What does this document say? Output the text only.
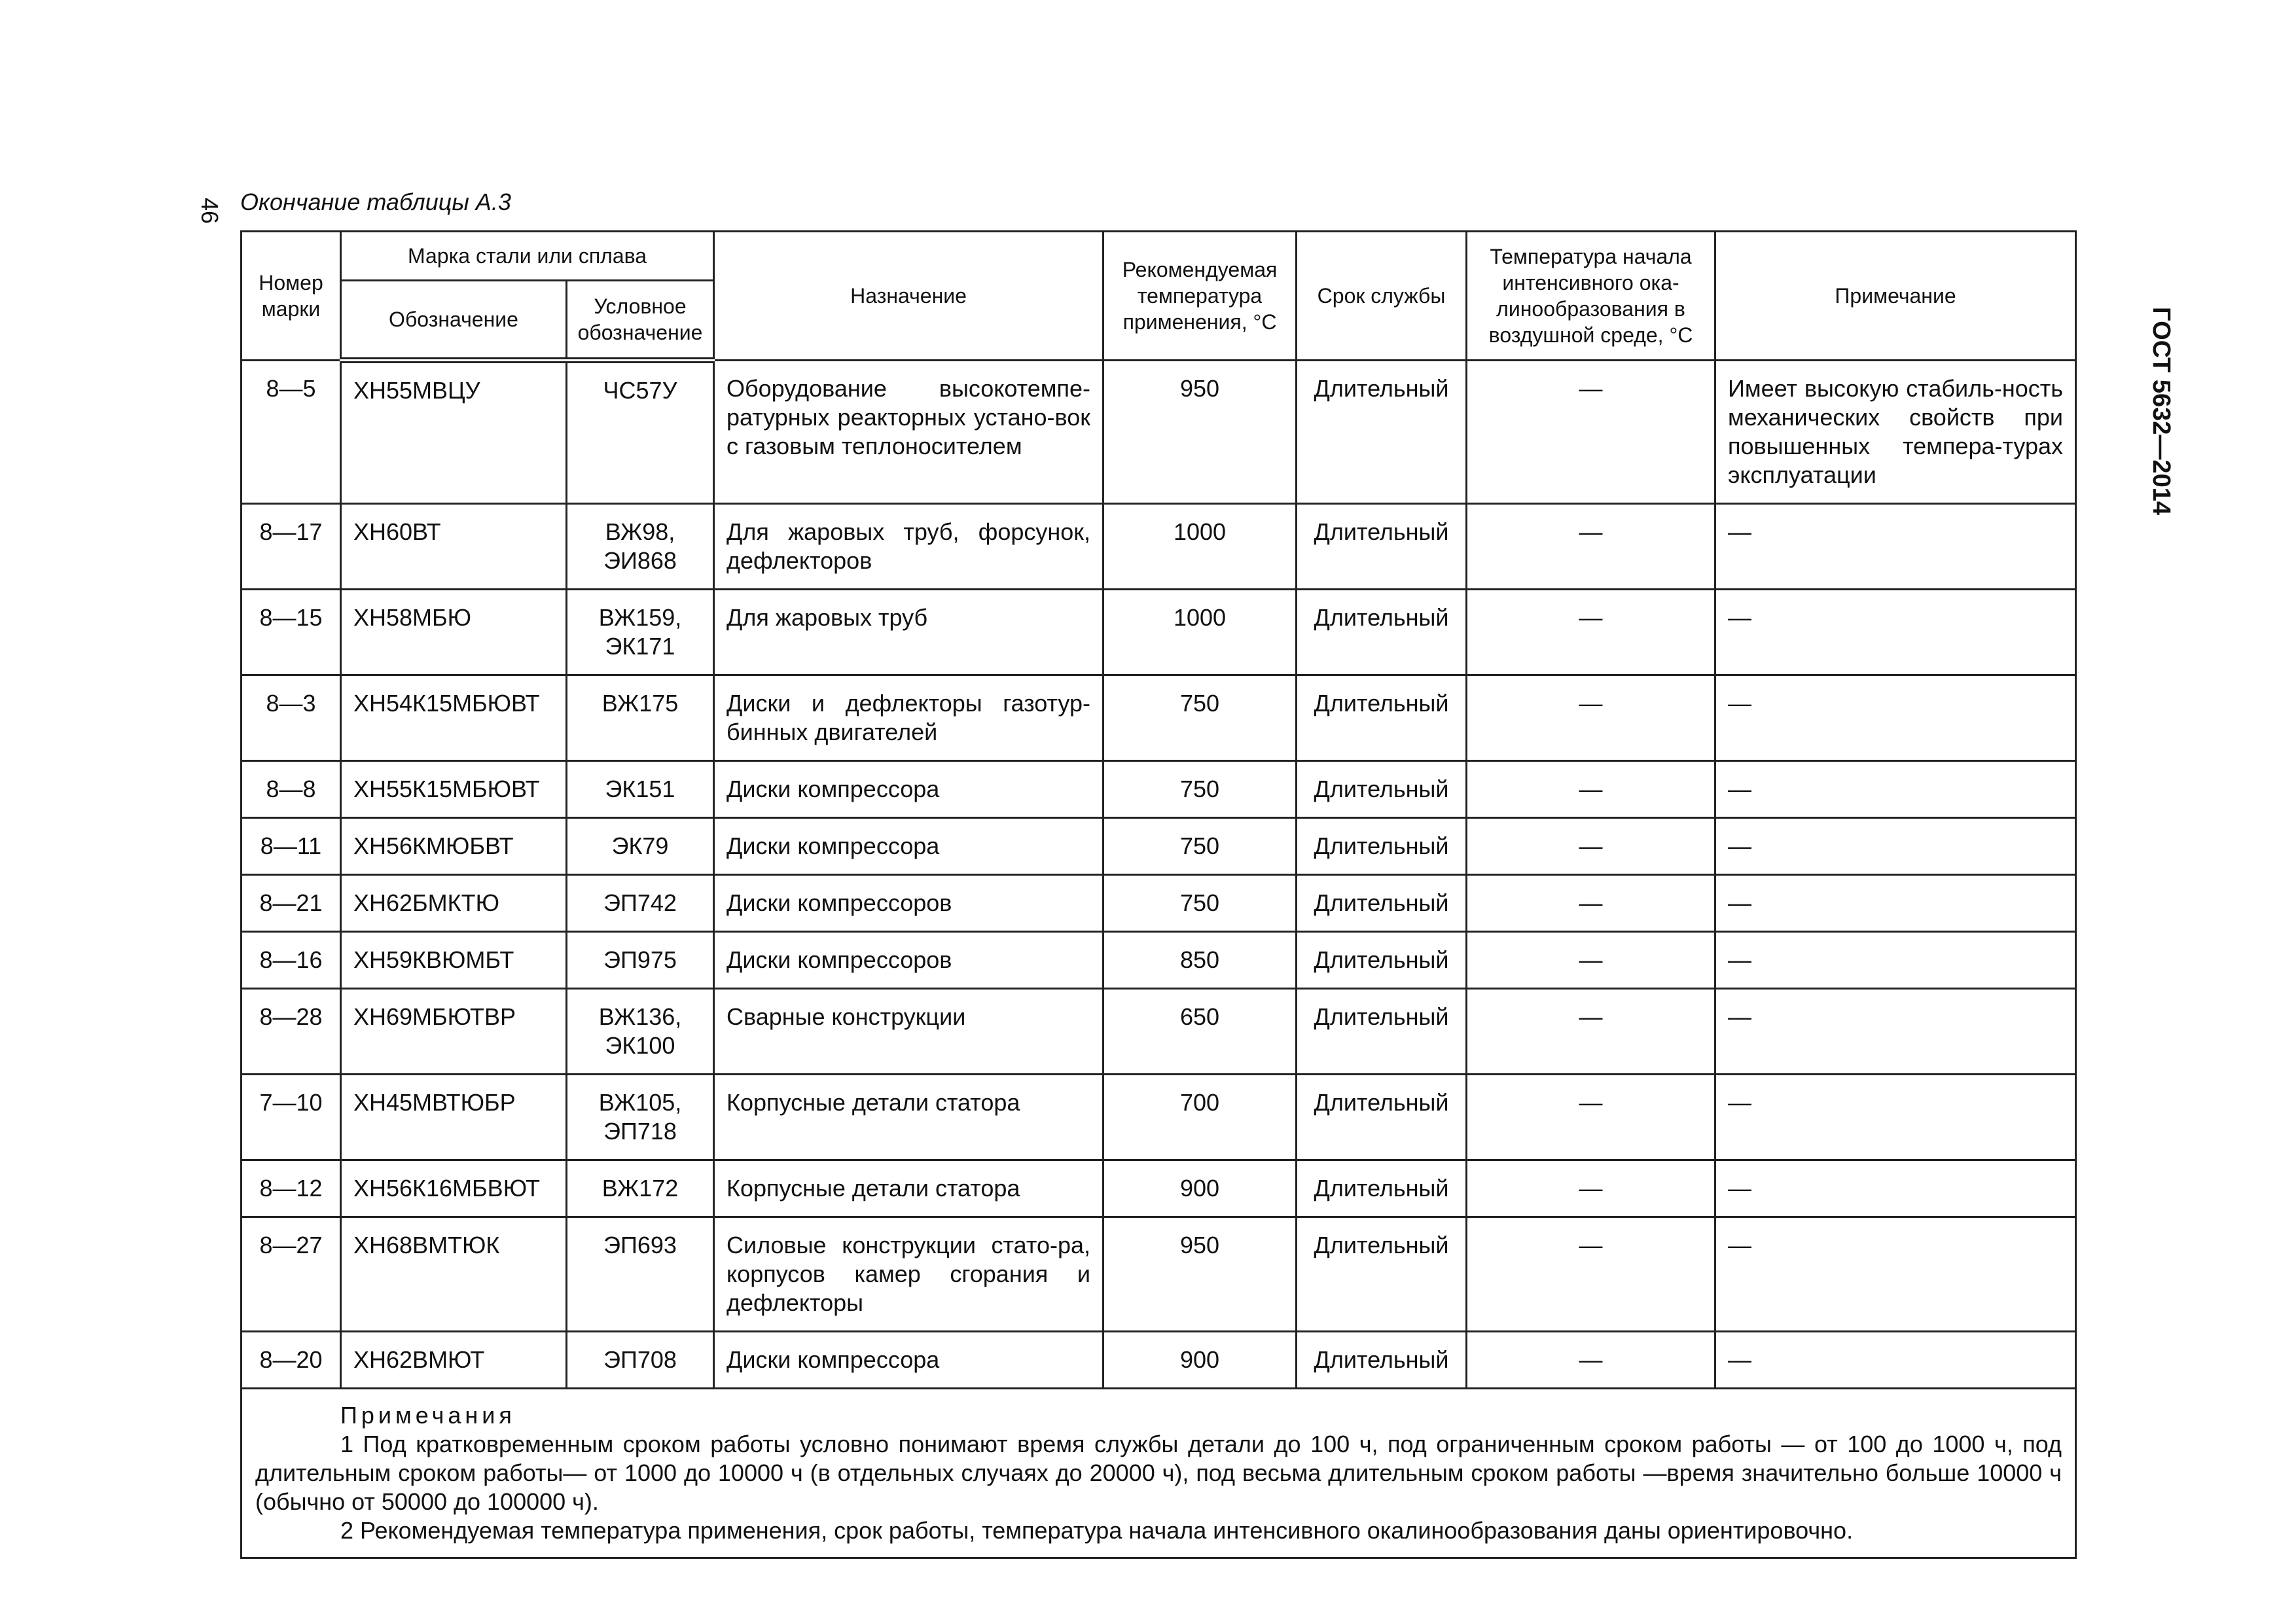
46
ГОСТ 5632—2014
Окончание таблицы А.3
Номер марки	Марка стали или сплава		Назначение	Рекомендуемая температура применения, °С	Срок службы	Температура начала интенсивного ока-линообразования в воздушной среде, °С	Примечание
	Обозначение	Условное обозначение					
8—5	ХН55МВЦУ	ЧС57У	Оборудование высокотемпе-ратурных реакторных устано-вок с газовым теплоносителем	950	Длительный	—	Имеет высокую стабиль-ность механических свойств при повышенных темпера-турах эксплуатации
8—17	ХН60ВТ	ВЖ98, ЭИ868	Для жаровых труб, форсунок, дефлекторов	1000	Длительный	—	—
8—15	ХН58МБЮ	ВЖ159, ЭК171	Для жаровых труб	1000	Длительный	—	—
8—3	ХН54К15МБЮВТ	ВЖ175	Диски и дефлекторы газотур-бинных двигателей	750	Длительный	—	—
8—8	ХН55К15МБЮВТ	ЭК151	Диски компрессора	750	Длительный	—	—
8—11	ХН56КМЮБВТ	ЭК79	Диски компрессора	750	Длительный	—	—
8—21	ХН62БМКТЮ	ЭП742	Диски компрессоров	750	Длительный	—	—
8—16	ХН59КВЮМБТ	ЭП975	Диски компрессоров	850	Длительный	—	—
8—28	ХН69МБЮТВР	ВЖ136, ЭК100	Сварные конструкции	650	Длительный	—	—
7—10	ХН45МВТЮБР	ВЖ105, ЭП718	Корпусные детали статора	700	Длительный	—	—
8—12	ХН56К16МБВЮТ	ВЖ172	Корпусные детали статора	900	Длительный	—	—
8—27	ХН68ВМТЮК	ЭП693	Силовые конструкции стато-ра, корпусов камер сгорания и дефлекторы	950	Длительный	—	—
8—20	ХН62ВМЮТ	ЭП708	Диски компрессора	900	Длительный	—	—

Примечания
1 Под кратковременным сроком работы условно понимают время службы детали до 100 ч, под ограниченным сроком работы — от 100 до 1000 ч, под длительным сроком работы— от 1000 до 10000 ч (в отдельных случаях до 20000 ч), под весьма длительным сроком работы —время значительно больше 10000 ч (обычно от 50000 до 100000 ч).
2 Рекомендуемая температура применения, срок работы, температура начала интенсивного окалинообразования даны ориентировочно.							
